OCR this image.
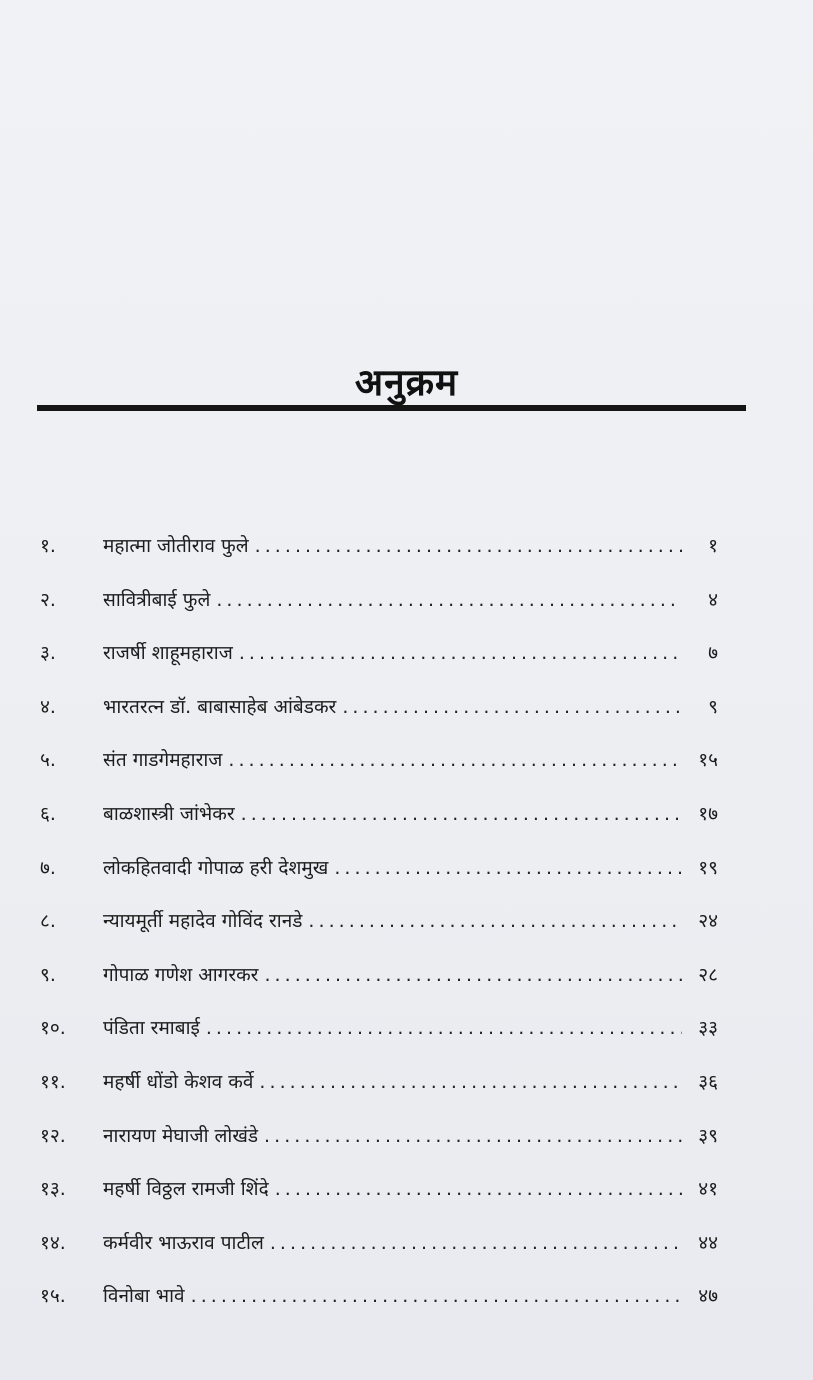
अनुक्रम
१.	महात्मा जोतीराव फुले . . .	१
२.	सावित्रीबाई फुले . . .	४
३.	राजर्षी शाहूमहाराज . . .	७
४.	भारतरत्न डॉ. बाबासाहेब आंबेडकर . . .	९
५.	संत गाडगेमहाराज . . .	१५
६.	बाळशास्त्री जांभेकर . . .	१७
७.	लोकहितवादी गोपाळ हरी देशमुख . . .	१९
८.	न्यायमूर्ती महादेव गोविंद रानडे . . .	२४
९.	गोपाळ गणेश आगरकर . . .	२८
१०.	पंडिता रमाबाई . . .	३३
११.	महर्षी धोंडो केशव कर्वे . . .	३६
१२.	नारायण मेघाजी लोखंडे . . .	३९
१३.	महर्षी विठ्ठल रामजी शिंदे . . .	४१
१४.	कर्मवीर भाऊराव पाटील . . .	४४
१५.	विनोबा भावे . . .	४७
